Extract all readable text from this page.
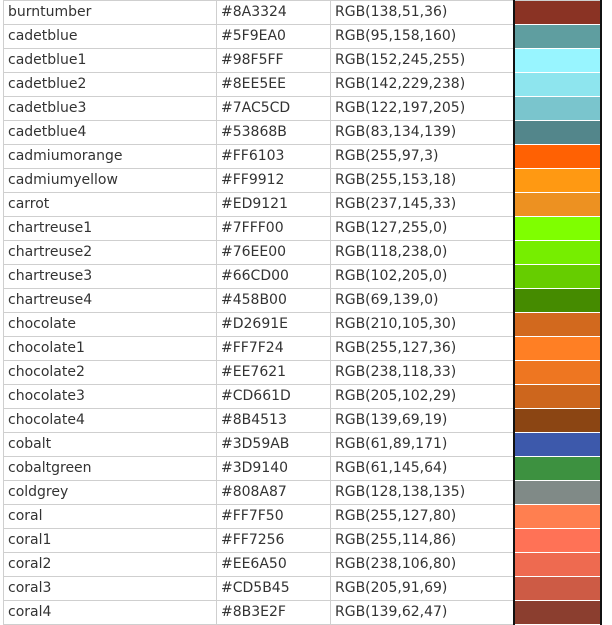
burntumber	#8A3324	RGB(138,51,36)	
cadetblue	#5F9EA0	RGB(95,158,160)	
cadetblue1	#98F5FF	RGB(152,245,255)	
cadetblue2	#8EE5EE	RGB(142,229,238)	
cadetblue3	#7AC5CD	RGB(122,197,205)	
cadetblue4	#53868B	RGB(83,134,139)	
cadmiumorange	#FF6103	RGB(255,97,3)	
cadmiumyellow	#FF9912	RGB(255,153,18)	
carrot	#ED9121	RGB(237,145,33)	
chartreuse1	#7FFF00	RGB(127,255,0)	
chartreuse2	#76EE00	RGB(118,238,0)	
chartreuse3	#66CD00	RGB(102,205,0)	
chartreuse4	#458B00	RGB(69,139,0)	
chocolate	#D2691E	RGB(210,105,30)	
chocolate1	#FF7F24	RGB(255,127,36)	
chocolate2	#EE7621	RGB(238,118,33)	
chocolate3	#CD661D	RGB(205,102,29)	
chocolate4	#8B4513	RGB(139,69,19)	
cobalt	#3D59AB	RGB(61,89,171)	
cobaltgreen	#3D9140	RGB(61,145,64)	
coldgrey	#808A87	RGB(128,138,135)	
coral	#FF7F50	RGB(255,127,80)	
coral1	#FF7256	RGB(255,114,86)	
coral2	#EE6A50	RGB(238,106,80)	
coral3	#CD5B45	RGB(205,91,69)	
coral4	#8B3E2F	RGB(139,62,47)	
